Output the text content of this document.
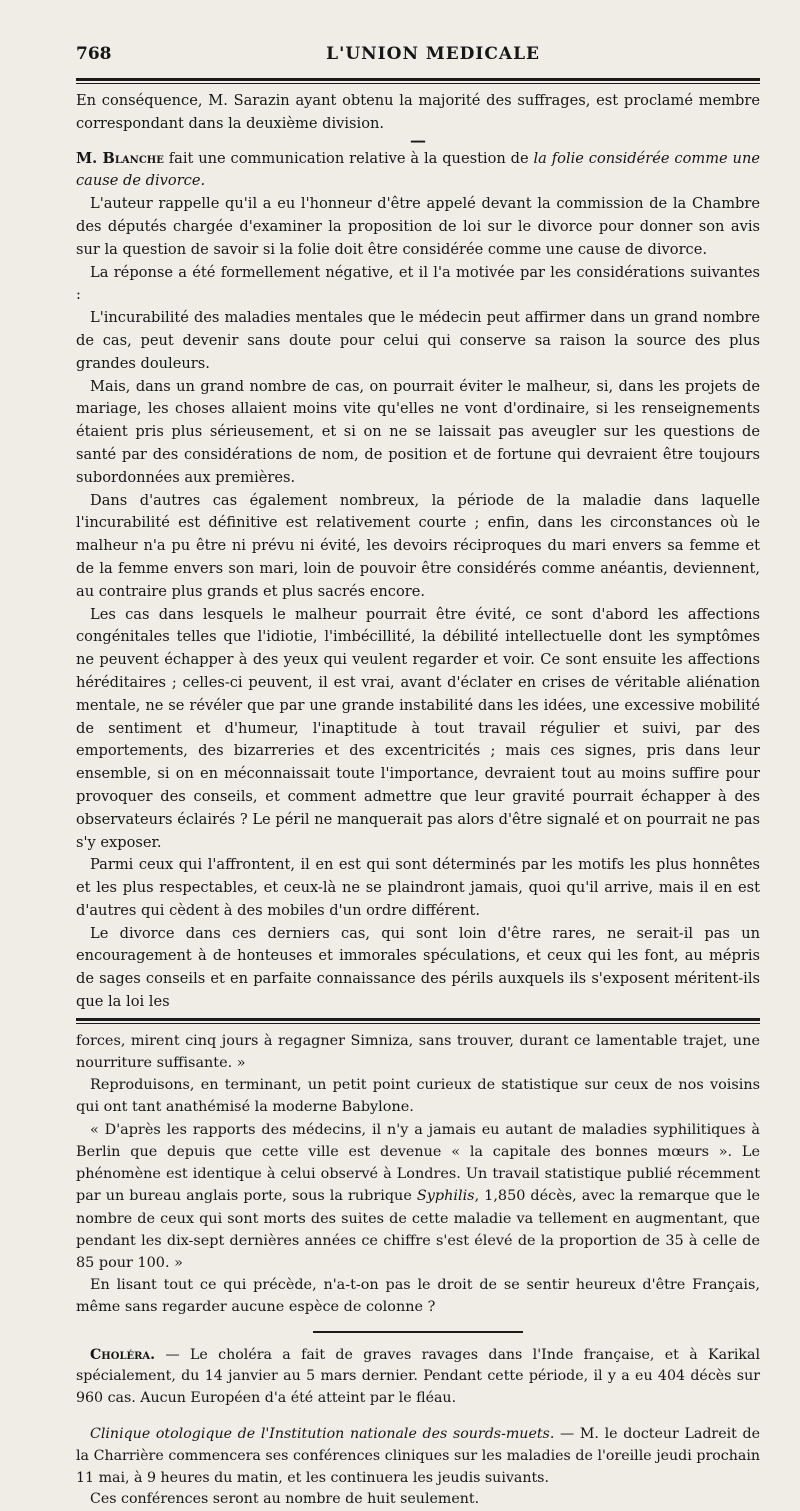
768	L'UNION MEDICALE

En conséquence, M. Sarazin ayant obtenu la majorité des suffrages, est proclamé membre correspondant dans la deuxième division.

—

M. Blanche fait une communication relative à la question de la folie considérée comme une cause de divorce.

L'auteur rappelle qu'il a eu l'honneur d'être appelé devant la commission de la Chambre des députés chargée d'examiner la proposition de loi sur le divorce pour donner son avis sur la question de savoir si la folie doit être considérée comme une cause de divorce.

La réponse a été formellement négative, et il l'a motivée par les considérations suivantes :

L'incurabilité des maladies mentales que le médecin peut affirmer dans un grand nombre de cas, peut devenir sans doute pour celui qui conserve sa raison la source des plus grandes douleurs.

Mais, dans un grand nombre de cas, on pourrait éviter le malheur, si, dans les projets de mariage, les choses allaient moins vite qu'elles ne vont d'ordinaire, si les renseignements étaient pris plus sérieusement, et si on ne se laissait pas aveugler sur les questions de santé par des considérations de nom, de position et de fortune qui devraient être toujours subordonnées aux premières.

Dans d'autres cas également nombreux, la période de la maladie dans laquelle l'incurabilité est définitive est relativement courte ; enfin, dans les circonstances où le malheur n'a pu être ni prévu ni évité, les devoirs réciproques du mari envers sa femme et de la femme envers son mari, loin de pouvoir être considérés comme anéantis, deviennent, au contraire plus grands et plus sacrés encore.

Les cas dans lesquels le malheur pourrait être évité, ce sont d'abord les affections congénitales telles que l'idiotie, l'imbécillité, la débilité intellectuelle dont les symptômes ne peuvent échapper à des yeux qui veulent regarder et voir. Ce sont ensuite les affections héréditaires ; celles-ci peuvent, il est vrai, avant d'éclater en crises de véritable aliénation mentale, ne se révéler que par une grande instabilité dans les idées, une excessive mobilité de sentiment et d'humeur, l'inaptitude à tout travail régulier et suivi, par des emportements, des bizarreries et des excentricités ; mais ces signes, pris dans leur ensemble, si on en méconnaissait toute l'importance, devraient tout au moins suffire pour provoquer des conseils, et comment admettre que leur gravité pourrait échapper à des observateurs éclairés ? Le péril ne manquerait pas alors d'être signalé et on pourrait ne pas s'y exposer.

Parmi ceux qui l'affrontent, il en est qui sont déterminés par les motifs les plus honnêtes et les plus respectables, et ceux-là ne se plaindront jamais, quoi qu'il arrive, mais il en est d'autres qui cèdent à des mobiles d'un ordre différent.

Le divorce dans ces derniers cas, qui sont loin d'être rares, ne serait-il pas un encouragement à de honteuses et immorales spéculations, et ceux qui les font, au mépris de sages conseils et en parfaite connaissance des périls auxquels ils s'exposent méritent-ils que la loi les

forces, mirent cinq jours à regagner Simniza, sans trouver, durant ce lamentable trajet, une nourriture suffisante. »

Reproduisons, en terminant, un petit point curieux de statistique sur ceux de nos voisins qui ont tant anathémisé la moderne Babylone.

« D'après les rapports des médecins, il n'y a jamais eu autant de maladies syphilitiques à Berlin que depuis que cette ville est devenue « la capitale des bonnes mœurs ». Le phénomène est identique à celui observé à Londres. Un travail statistique publié récemment par un bureau anglais porte, sous la rubrique Syphilis, 1,850 décès, avec la remarque que le nombre de ceux qui sont morts des suites de cette maladie va tellement en augmentant, que pendant les dix-sept dernières années ce chiffre s'est élevé de la proportion de 35 à celle de 85 pour 100. »

En lisant tout ce qui précède, n'a-t-on pas le droit de se sentir heureux d'être Français, même sans regarder aucune espèce de colonne ?

Choléra. — Le choléra a fait de graves ravages dans l'Inde française, et à Karikal spécialement, du 14 janvier au 5 mars dernier. Pendant cette période, il y a eu 404 décès sur 960 cas. Aucun Européen d'a été atteint par le fléau.

Clinique otologique de l'Institution nationale des sourds-muets. — M. le docteur Ladreit de la Charrière commencera ses conférences cliniques sur les maladies de l'oreille jeudi prochain 11 mai, à 9 heures du matin, et les continuera les jeudis suivants.

Ces conférences seront au nombre de huit seulement.
